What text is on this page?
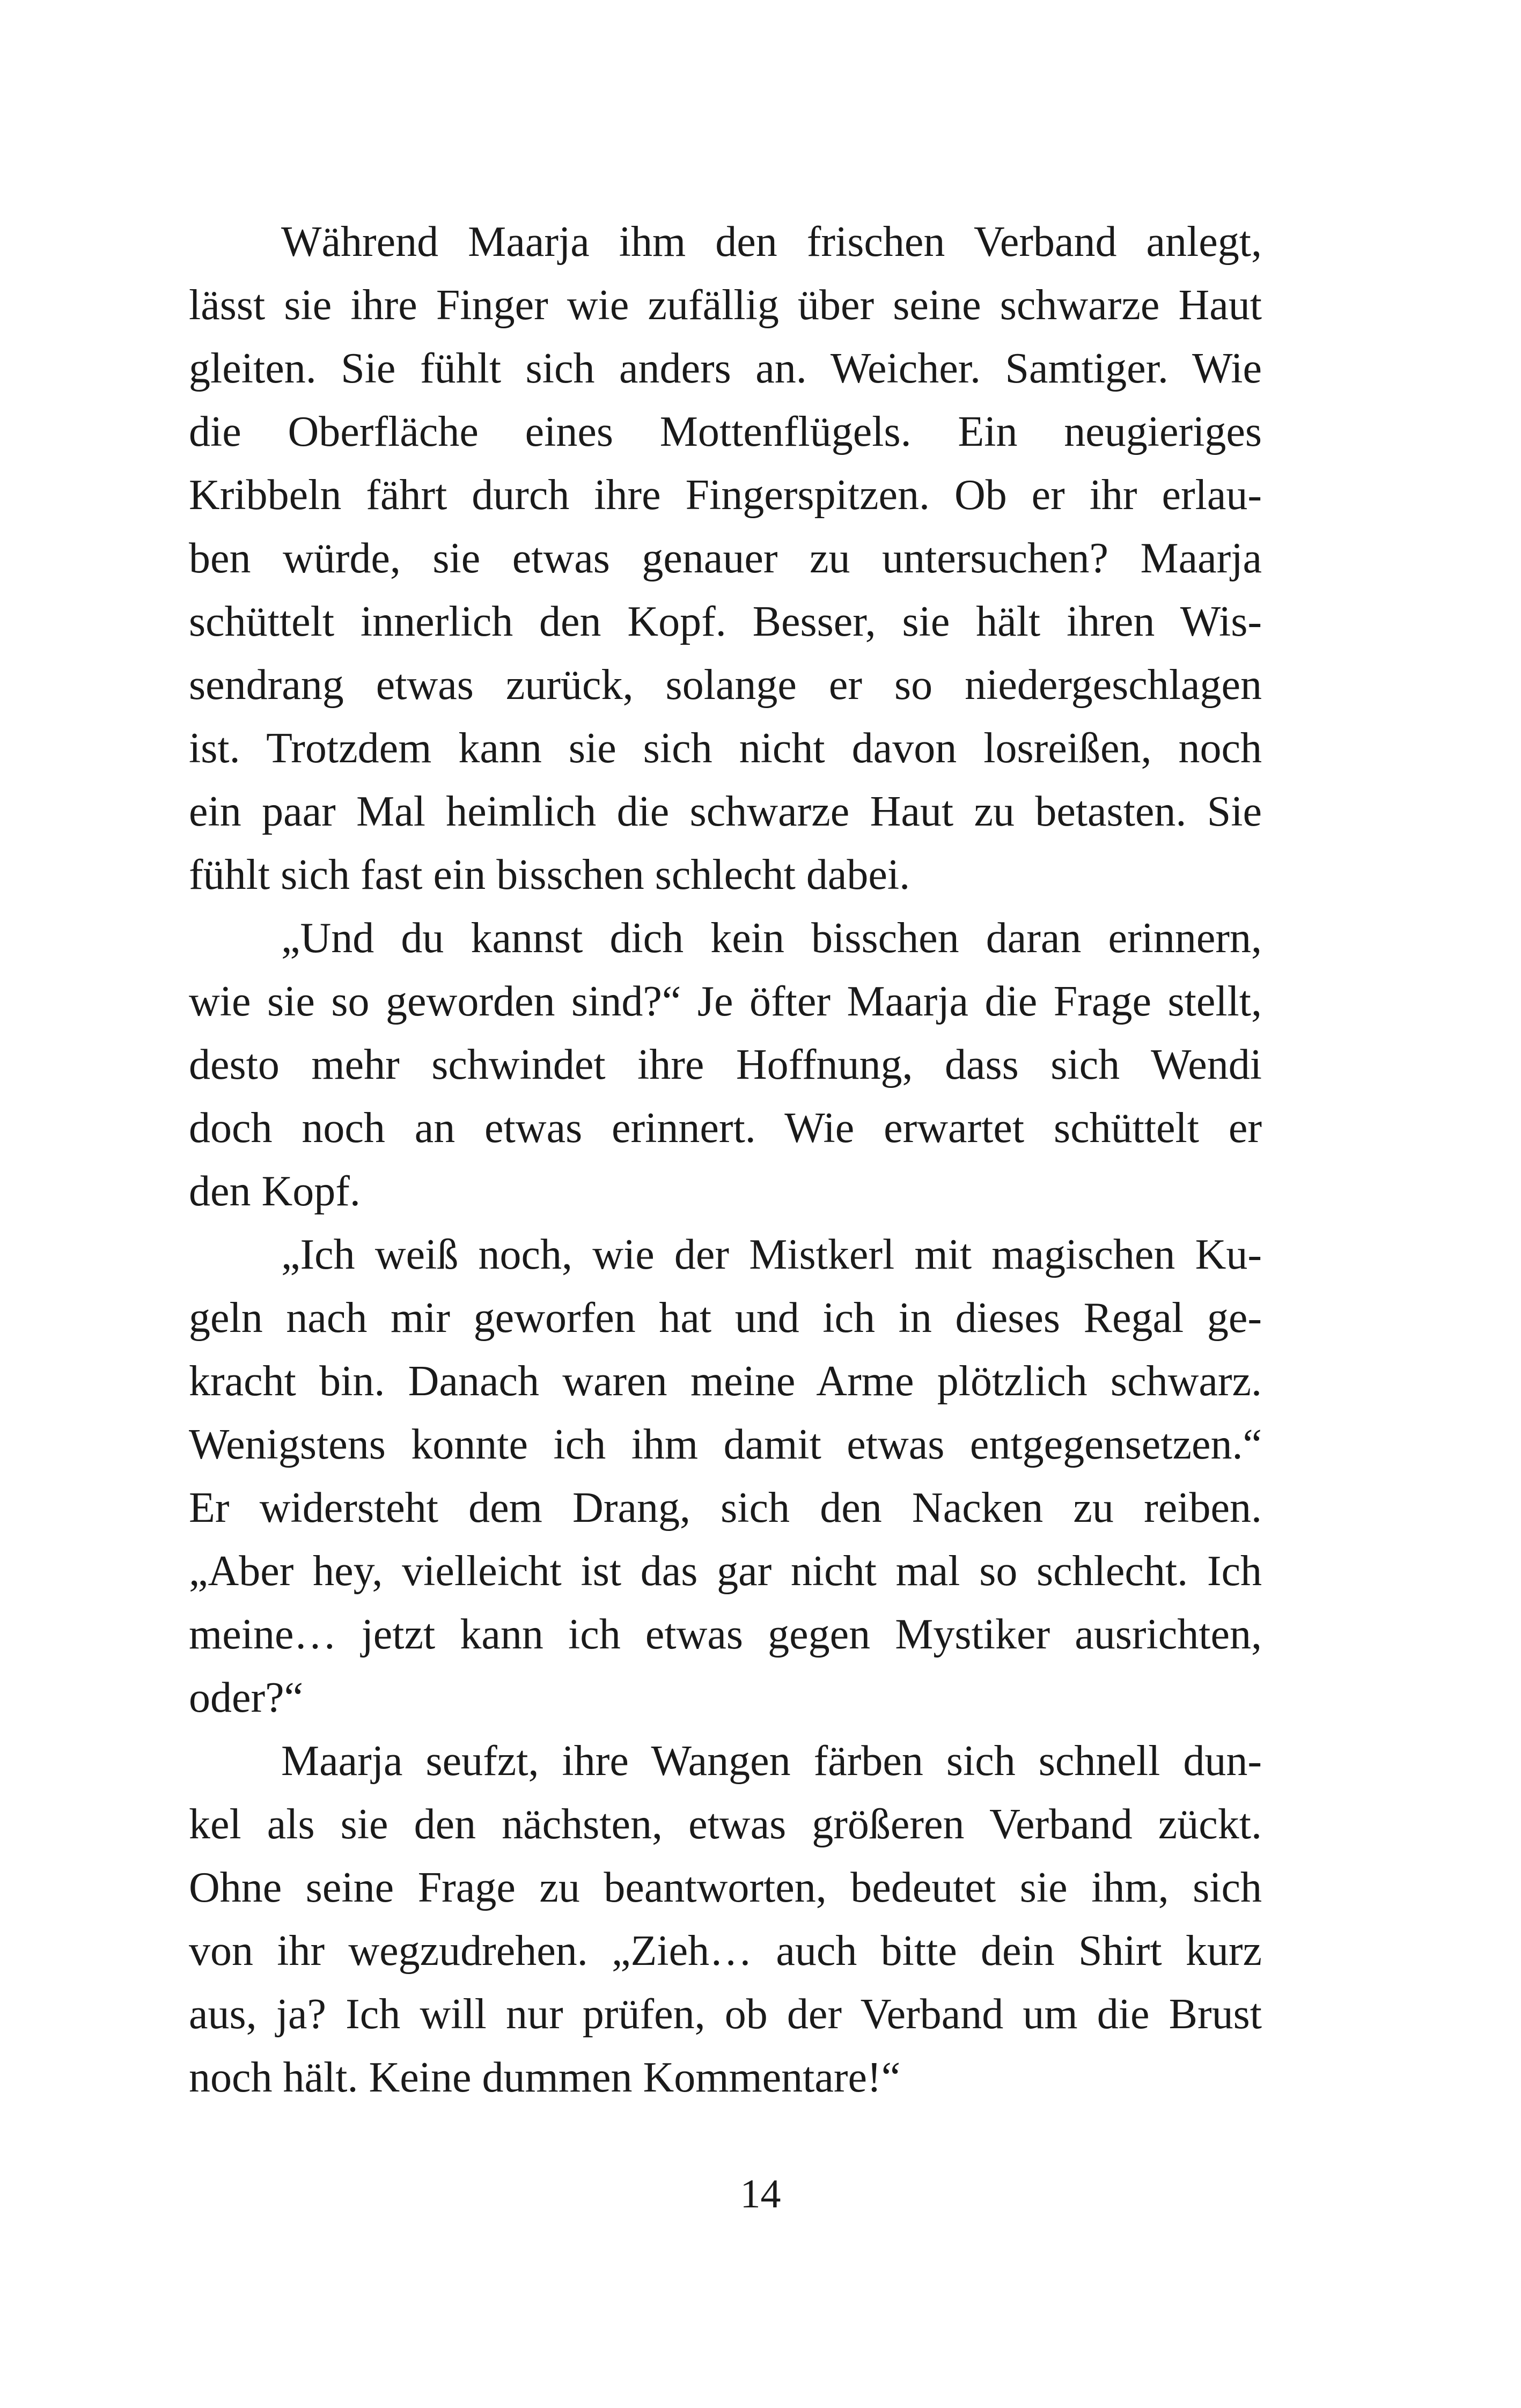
Während Maarja ihm den frischen Verband anlegt,
lässt sie ihre Finger wie zufällig über seine schwarze Haut
gleiten. Sie fühlt sich anders an. Weicher. Samtiger. Wie
die Oberfläche eines Mottenflügels. Ein neugieriges
Kribbeln fährt durch ihre Fingerspitzen. Ob er ihr erlau-
ben würde, sie etwas genauer zu untersuchen? Maarja
schüttelt innerlich den Kopf. Besser, sie hält ihren Wis-
sendrang etwas zurück, solange er so niedergeschlagen
ist. Trotzdem kann sie sich nicht davon losreißen, noch
ein paar Mal heimlich die schwarze Haut zu betasten. Sie
fühlt sich fast ein bisschen schlecht dabei.
„Und du kannst dich kein bisschen daran erinnern,
wie sie so geworden sind?“ Je öfter Maarja die Frage stellt,
desto mehr schwindet ihre Hoffnung, dass sich Wendi
doch noch an etwas erinnert. Wie erwartet schüttelt er
den Kopf.
„Ich weiß noch, wie der Mistkerl mit magischen Ku-
geln nach mir geworfen hat und ich in dieses Regal ge-
kracht bin. Danach waren meine Arme plötzlich schwarz.
Wenigstens konnte ich ihm damit etwas entgegensetzen.“
Er widersteht dem Drang, sich den Nacken zu reiben.
„Aber hey, vielleicht ist das gar nicht mal so schlecht. Ich
meine… jetzt kann ich etwas gegen Mystiker ausrichten,
oder?“
Maarja seufzt, ihre Wangen färben sich schnell dun-
kel als sie den nächsten, etwas größeren Verband zückt.
Ohne seine Frage zu beantworten, bedeutet sie ihm, sich
von ihr wegzudrehen. „Zieh… auch bitte dein Shirt kurz
aus, ja? Ich will nur prüfen, ob der Verband um die Brust
noch hält. Keine dummen Kommentare!“
14
